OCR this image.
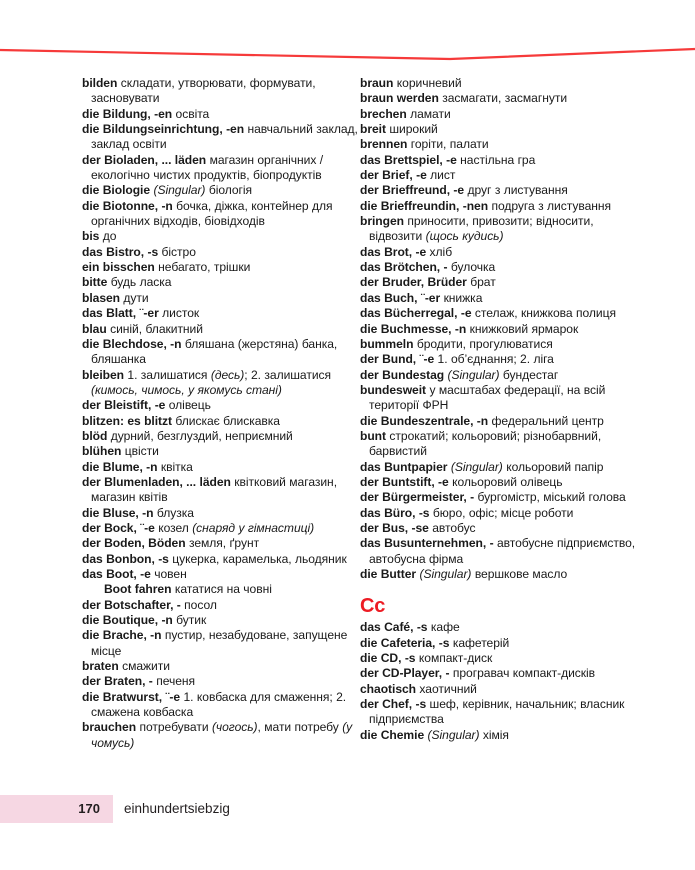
bilden складати, утворювати, формувати, засновувати

die Bildung, -en освіта

die Bildungseinrichtung, -en навчальний заклад, заклад освіти

der Bioladen, ... läden магазин органічних / екологічно чистих продуктів, біопродуктів

die Biologie (Singular) біологія

die Biotonne, -n бочка, діжка, контейнер для органічних відходів, біовідходів

bis до

das Bistro, -s бістро

ein bisschen небагато, трішки

bitte будь ласка

blasen дути

das Blatt, ¨-er листок

blau синій, блакитний

die Blechdose, -n бляшана (жерстяна) банка, бляшанка

bleiben 1. залишатися (десь); 2. залишатися (кимось, чимось, у якомусь стані)

der Bleistift, -e олівець

blitzen: es blitzt блискає блискавка

blöd дурний, безглуздий, неприємний

blühen цвісти

die Blume, -n квітка

der Blumenladen, ... läden квітковий магазин, магазин квітів

die Bluse, -n блузка

der Bock, ¨-e козел (снаряд у гімнастиці)

der Boden, Böden земля, ґрунт

das Bonbon, -s цукерка, карамелька, льодяник

das Boot, -e човен
Boot fahren кататися на човні

der Botschafter, - посол

die Boutique, -n бутик

die Brache, -n пустир, незабудоване, запущене місце

braten смажити

der Braten, - печеня

die Bratwurst, ¨-e 1. ковбаска для смаження; 2. смажена ковбаска

brauchen потребувати (чогось), мати потребу (у чомусь)

braun коричневий

braun werden засмагати, засмагнути

brechen ламати

breit широкий

brennen горіти, палати

das Brettspiel, -e настільна гра

der Brief, -e лист

der Brieffreund, -e друг з листування

die Brieffreundin, -nen подруга з листування

bringen приносити, привозити; відносити, відвозити (щось кудись)

das Brot, -e хліб

das Brötchen, - булочка

der Bruder, Brüder брат

das Buch, ¨-er книжка

das Bücherregal, -e стелаж, книжкова полиця

die Buchmesse, -n книжковий ярмарок

bummeln бродити, прогулюватися

der Bund, ¨-e 1. об’єднання; 2. ліга

der Bundestag (Singular) бундестаг

bundesweit у масштабах федерації, на всій території ФРН

die Bundeszentrale, -n федеральний центр

bunt строкатий; кольоровий; різнобарвний, барвистий

das Buntpapier (Singular) кольоровий папір

der Buntstift, -e кольоровий олівець

der Bürgermeister, - бургомістр, міський голова

das Büro, -s бюро, офіс; місце роботи

der Bus, -se автобус

das Busunternehmen, - автобусне підприємство, автобусна фірма

die Butter (Singular) вершкове масло

Cc

das Café, -s кафе

die Cafeteria, -s кафетерій

die CD, -s компакт-диск

der CD-Player, - програвач компакт-дисків

chaotisch хаотичний

der Chef, -s шеф, керівник, начальник; власник підприємства

die Chemie (Singular) хімія

170 einhundertsiebzig
